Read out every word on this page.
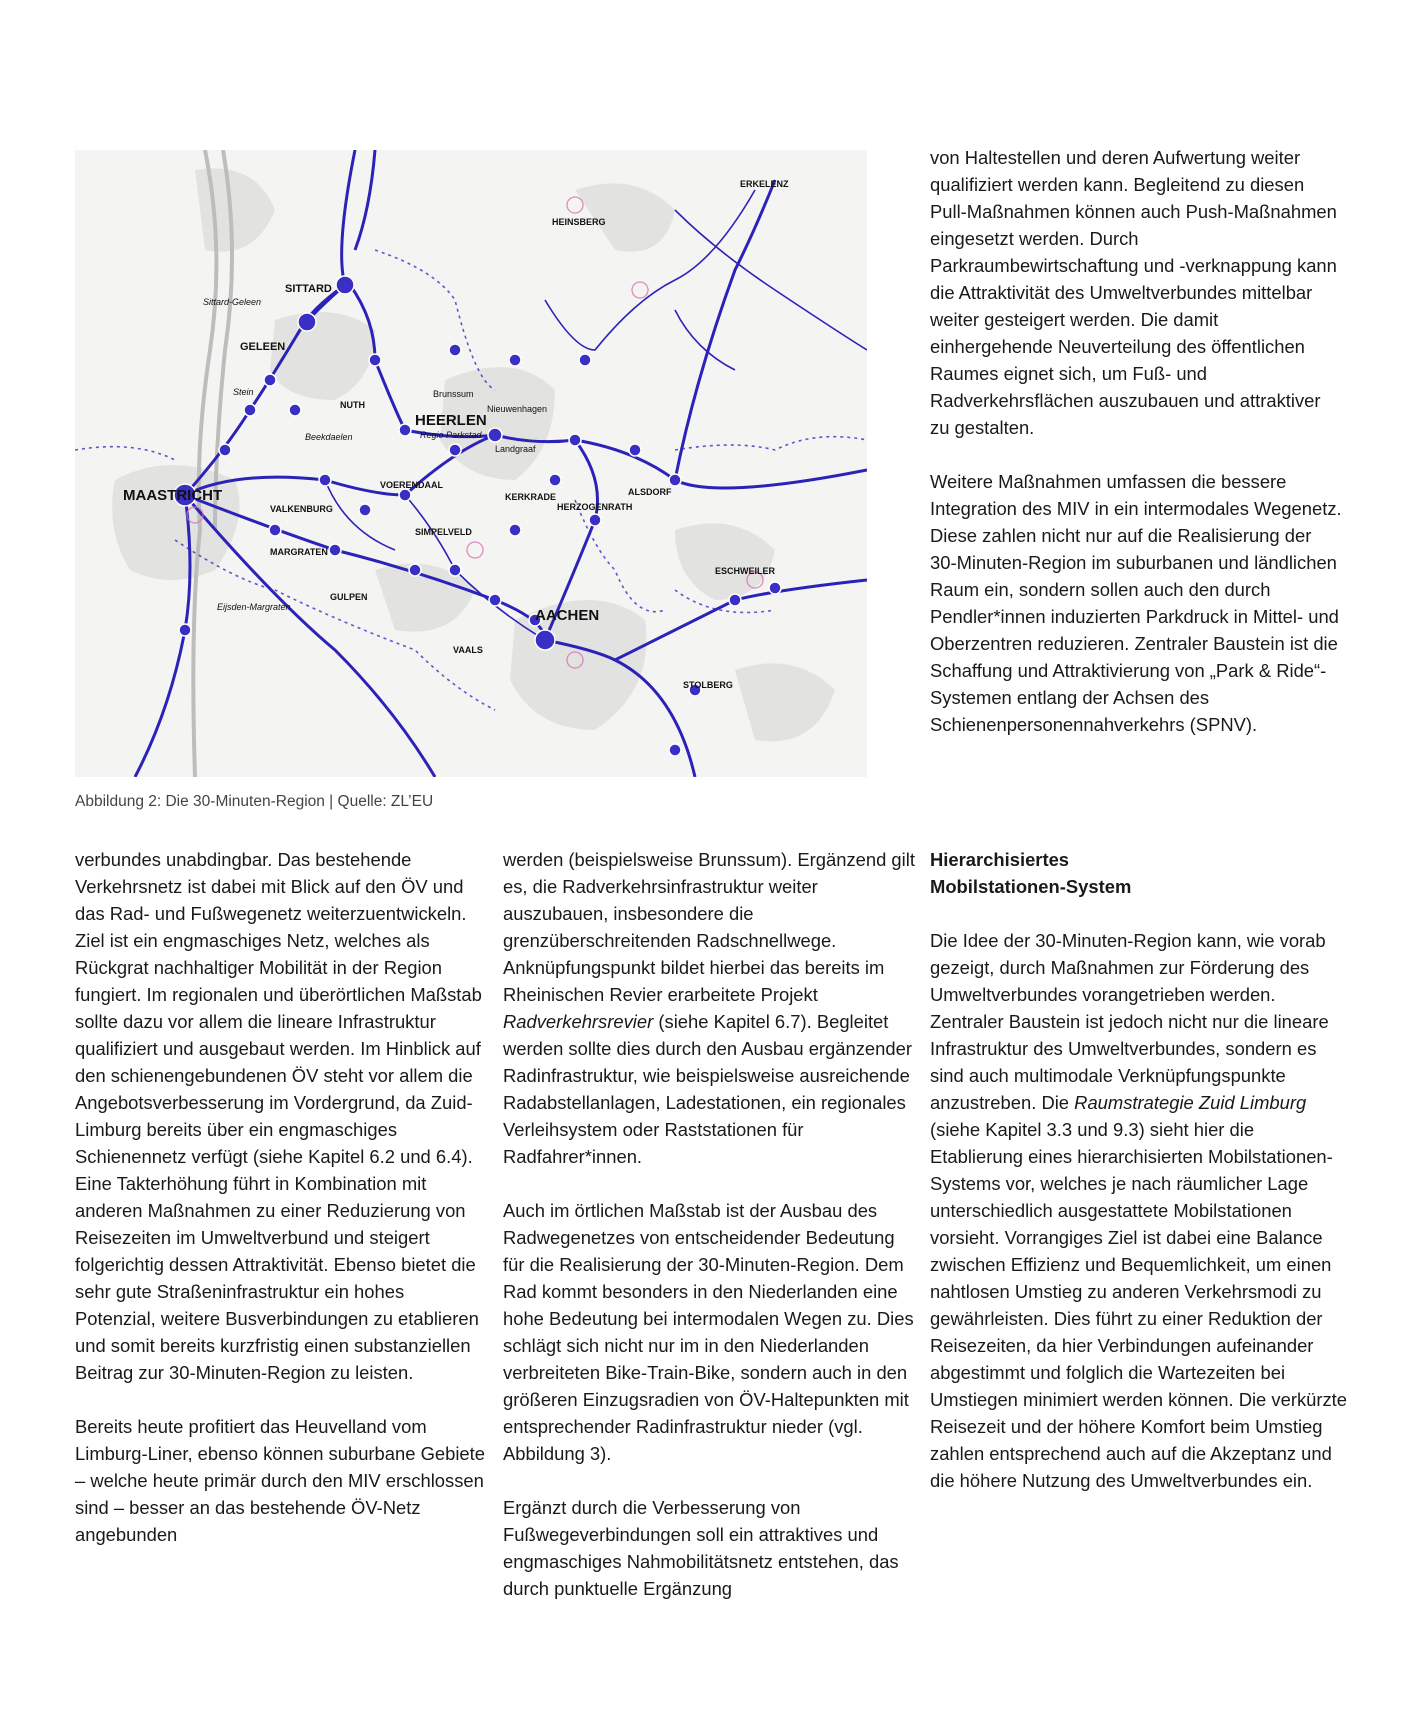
MAASTRICHT
HEERLEN
AACHEN
SITTARD
GELEEN
NUTH
VALKENBURG
VOERENDAAL
SIMPELVELD
MARGRATEN
GULPEN
VAALS
KERKRADE
HERZOGENRATH
ALSDORF
ESCHWEILER
STOLBERG
HEINSBERG
ERKELENZ
Brunssum
Landgraaf
Nieuwenhagen
Beekdaelen
Stein
Sittard-Geleen
Regio Parkstad
Eijsden-Margraten
Abbildung 2: Die 30-Minuten-Region | Quelle: ZL’EU

von Haltestellen und deren Aufwertung weiter qualifiziert werden kann. Begleitend zu diesen Pull-Maßnahmen können auch Push-Maßnahmen eingesetzt werden. Durch Parkraumbewirtschaftung und -verknappung kann die Attraktivität des Umweltverbundes mittelbar weiter gesteigert werden. Die damit einhergehende Neuverteilung des öffentlichen Raumes eignet sich, um Fuß- und Radverkehrsflächen auszubauen und attraktiver zu gestalten.

Weitere Maßnahmen umfassen die bessere Integration des MIV in ein intermodales Wegenetz. Diese zahlen nicht nur auf die Realisierung der 30-Minuten-Region im suburbanen und ländlichen Raum ein, sondern sollen auch den durch Pendler*innen induzierten Parkdruck in Mittel- und Oberzentren reduzieren. Zentraler Baustein ist die Schaffung und Attraktivierung von „Park & Ride“-Systemen entlang der Achsen des Schienenpersonennahverkehrs (SPNV).

verbundes unabdingbar. Das bestehende Verkehrsnetz ist dabei mit Blick auf den ÖV und das Rad- und Fußwegenetz weiterzuentwickeln. Ziel ist ein engmaschiges Netz, welches als Rückgrat nachhaltiger Mobilität in der Region fungiert. Im regionalen und überörtlichen Maßstab sollte dazu vor allem die lineare Infrastruktur qualifiziert und ausgebaut werden. Im Hinblick auf den schienengebundenen ÖV steht vor allem die Angebotsverbesserung im Vordergrund, da Zuid-Limburg bereits über ein engmaschiges Schienennetz verfügt (siehe Kapitel 6.2 und 6.4). Eine Takterhöhung führt in Kombination mit anderen Maßnahmen zu einer Reduzierung von Reisezeiten im Umweltverbund und steigert folgerichtig dessen Attraktivität. Ebenso bietet die sehr gute Straßeninfrastruktur ein hohes Potenzial, weitere Busverbindungen zu etablieren und somit bereits kurzfristig einen substanziellen Beitrag zur 30-Minuten-Region zu leisten.

Bereits heute profitiert das Heuvelland vom Limburg-Liner, ebenso können suburbane Gebiete – welche heute primär durch den MIV erschlossen sind – besser an das bestehende ÖV-Netz angebunden

werden (beispielsweise Brunssum). Ergänzend gilt es, die Radverkehrsinfrastruktur weiter auszubauen, insbesondere die grenzüberschreitenden Radschnellwege. Anknüpfungspunkt bildet hierbei das bereits im Rheinischen Revier erarbeitete Projekt Radverkehrsrevier (siehe Kapitel 6.7). Begleitet werden sollte dies durch den Ausbau ergänzender Radinfrastruktur, wie beispielsweise ausreichende Radabstellanlagen, Ladestationen, ein regionales Verleihsystem oder Raststationen für Radfahrer*innen.

Auch im örtlichen Maßstab ist der Ausbau des Radwegenetzes von entscheidender Bedeutung für die Realisierung der 30-Minuten-Region. Dem Rad kommt besonders in den Niederlanden eine hohe Bedeutung bei intermodalen Wegen zu. Dies schlägt sich nicht nur im in den Niederlanden verbreiteten Bike-Train-Bike, sondern auch in den größeren Einzugsradien von ÖV-Haltepunkten mit entsprechender Radinfrastruktur nieder (vgl. Abbildung 3).

Ergänzt durch die Verbesserung von Fußwegeverbindungen soll ein attraktives und engmaschiges Nahmobilitätsnetz entstehen, das durch punktuelle Ergänzung

Hierarchisiertes
Mobilstationen-System

Die Idee der 30-Minuten-Region kann, wie vorab gezeigt, durch Maßnahmen zur Förderung des Umweltverbundes vorangetrieben werden. Zentraler Baustein ist jedoch nicht nur die lineare Infrastruktur des Umweltverbundes, sondern es sind auch multimodale Verknüpfungspunkte anzustreben. Die Raumstrategie Zuid Limburg (siehe Kapitel 3.3 und 9.3) sieht hier die Etablierung eines hierarchisierten Mobilstationen-Systems vor, welches je nach räumlicher Lage unterschiedlich ausgestattete Mobilstationen vorsieht. Vorrangiges Ziel ist dabei eine Balance zwischen Effizienz und Bequemlichkeit, um einen nahtlosen Umstieg zu anderen Verkehrsmodi zu gewährleisten. Dies führt zu einer Reduktion der Reisezeiten, da hier Verbindungen aufeinander abgestimmt und folglich die Wartezeiten bei Umstiegen minimiert werden können. Die verkürzte Reisezeit und der höhere Komfort beim Umstieg zahlen entsprechend auch auf die Akzeptanz und die höhere Nutzung des Umweltverbundes ein.
